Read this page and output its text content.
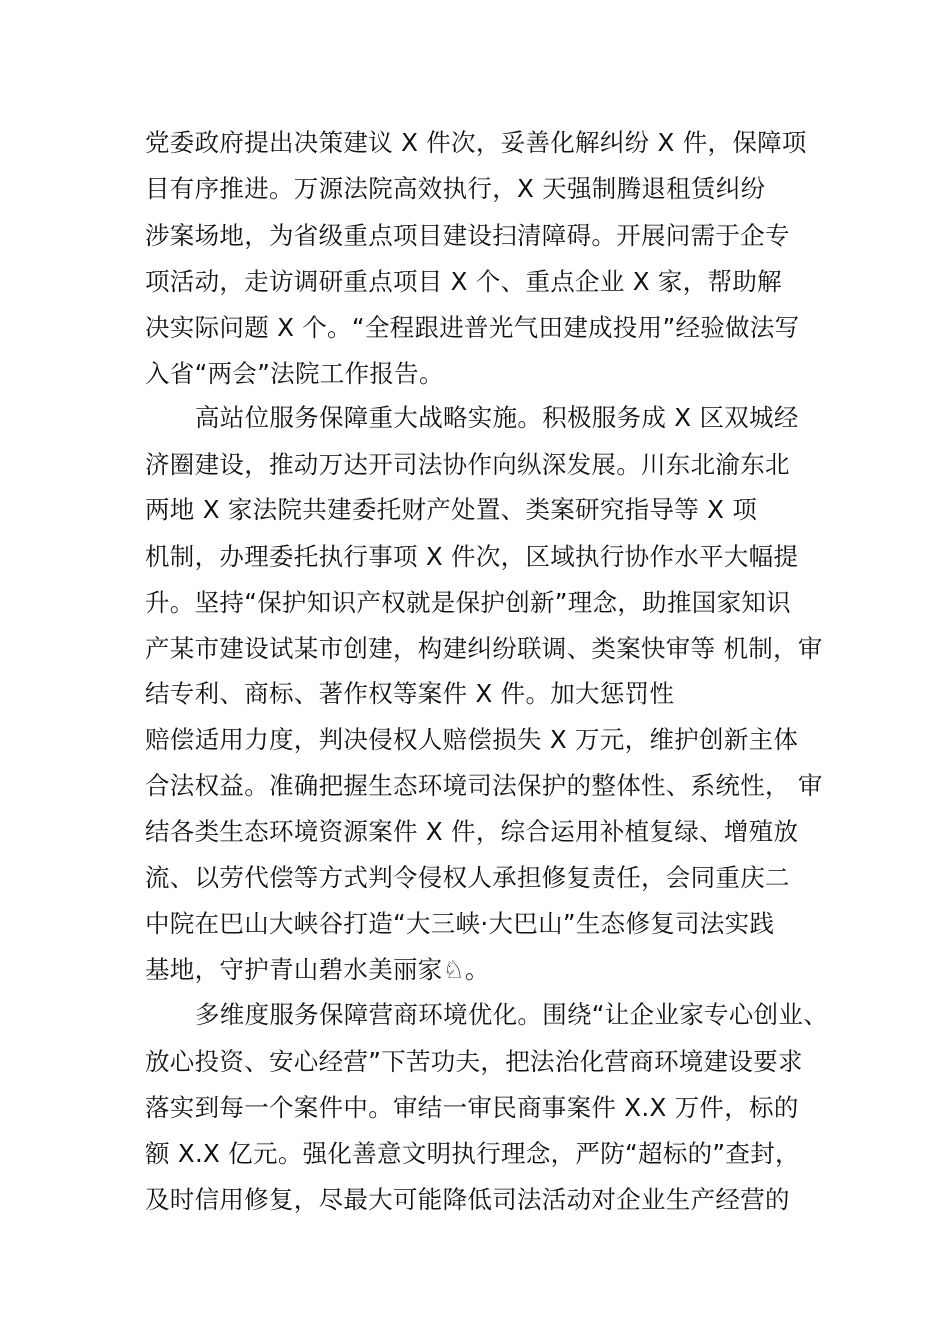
党委政府提出决策建议 X 件次，妥善化解纠纷 X 件，保障项

目有序推进。万源法院高效执行，X 天强制腾退租赁纠纷

涉案场地，为省级重点项目建设扫清障碍。开展问需于企专

项活动，走访调研重点项目 X 个、重点企业 X 家，帮助解

决实际问题 X 个。“全程跟进普光气田建成投用”经验做法写

入省“两会”法院工作报告。

高站位服务保障重大战略实施。积极服务成 X 区双城经

济圈建设，推动万达开司法协作向纵深发展。川东北渝东北

两地 X 家法院共建委托财产处置、类案研究指导等 X 项

机制，办理委托执行事项 X 件次，区域执行协作水平大幅提

升。坚持“保护知识产权就是保护创新”理念，助推国家知识

产某市建设试某市创建，构建纠纷联调、类案快审等 机制，审

结专利、商标、著作权等案件 X 件。加大惩罚性

赔偿适用力度，判决侵权人赔偿损失 X 万元，维护创新主体

合法权益。准确把握生态环境司法保护的整体性、系统性， 审

结各类生态环境资源案件 X 件，综合运用补植复绿、增殖放

流、以劳代偿等方式判令侵权人承担修复责任，会同重庆二

中院在巴山大峡谷打造“大三峡·大巴山”生态修复司法实践

基地，守护青山碧水美丽家♘。

多维度服务保障营商环境优化。围绕“让企业家专心创业、

放心投资、安心经营”下苦功夫，把法治化营商环境建设要求

落实到每一个案件中。审结一审民商事案件 X.X 万件，标的

额 X.X 亿元。强化善意文明执行理念，严防“超标的”查封，

及时信用修复，尽最大可能降低司法活动对企业生产经营的
